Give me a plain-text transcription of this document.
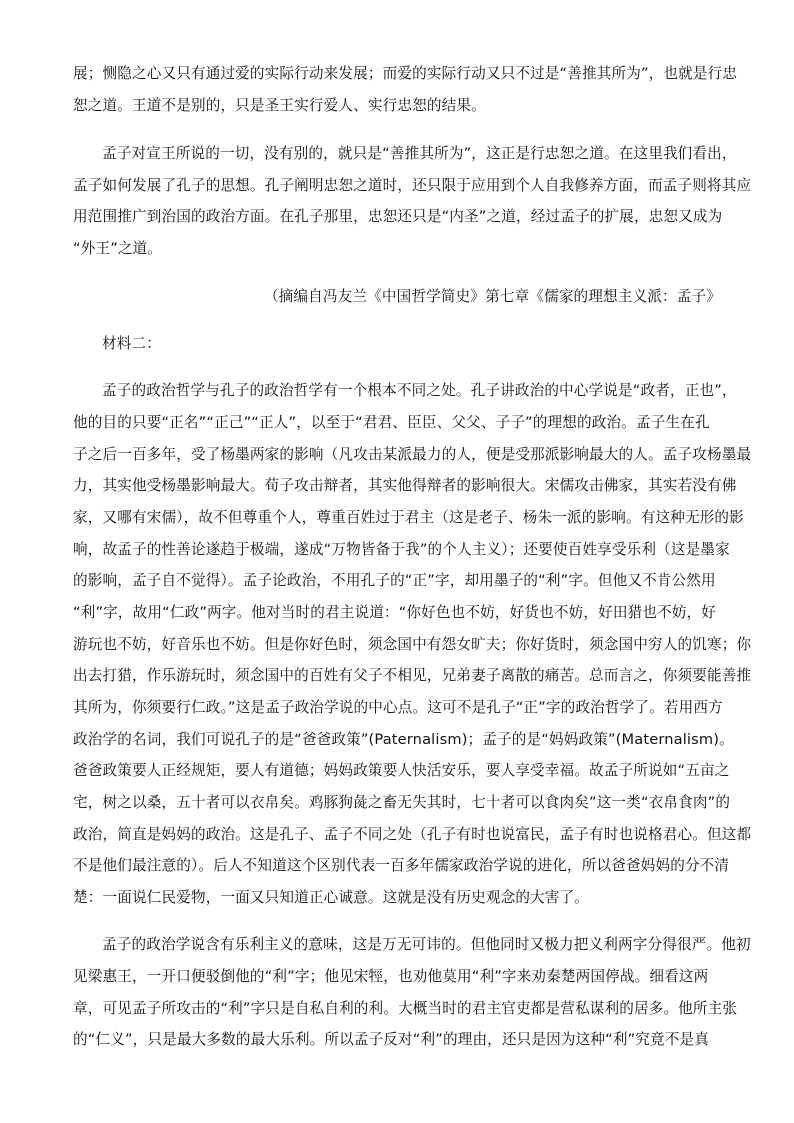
展；恻隐之心又只有通过爱的实际行动来发展；而爱的实际行动又只不过是“善推其所为”，也就是行忠
恕之道。王道不是别的，只是圣王实行爱人、实行忠恕的结果。
孟子对宣王所说的一切，没有别的，就只是“善推其所为”，这正是行忠恕之道。在这里我们看出，
孟子如何发展了孔子的思想。孔子阐明忠恕之道时，还只限于应用到个人自我修养方面，而孟子则将其应
用范围推广到治国的政治方面。在孔子那里，忠恕还只是“内圣”之道，经过孟子的扩展，忠恕又成为
“外王”之道。
（摘编自冯友兰《中国哲学简史》第七章《儒家的理想主义派：孟子》
材料二：
孟子的政治哲学与孔子的政治哲学有一个根本不同之处。孔子讲政治的中心学说是“政者，正也”，
他的目的只要“正名”“正己”“正人”，以至于“君君、臣臣、父父、子子”的理想的政治。孟子生在孔
子之后一百多年，受了杨墨两家的影响（凡攻击某派最力的人，便是受那派影响最大的人。孟子攻杨墨最
力，其实他受杨墨影响最大。荀子攻击辩者，其实他得辩者的影响很大。宋儒攻击佛家，其实若没有佛
家，又哪有宋儒），故不但尊重个人，尊重百姓过于君主（这是老子、杨朱一派的影响。有这种无形的影
响，故孟子的性善论遂趋于极端，遂成“万物皆备于我”的个人主义）；还要使百姓享受乐利（这是墨家
的影响，孟子自不觉得）。孟子论政治，不用孔子的“正”字，却用墨子的“利”字。但他又不肯公然用
“利”字，故用“仁政”两字。他对当时的君主说道：“你好色也不妨，好货也不妨，好田猎也不妨，好
游玩也不妨，好音乐也不妨。但是你好色时，须念国中有怨女旷夫；你好货时，须念国中穷人的饥寒；你
出去打猎，作乐游玩时，须念国中的百姓有父子不相见，兄弟妻子离散的痛苦。总而言之，你须要能善推
其所为，你须要行仁政。”这是孟子政治学说的中心点。这可不是孔子“正”字的政治哲学了。若用西方
政治学的名词，我们可说孔子的是“爸爸政策”(Paternalism)；孟子的是“妈妈政策”(Maternalism)。
爸爸政策要人正经规矩，要人有道德；妈妈政策要人快活安乐，要人享受幸福。故孟子所说如“五亩之
宅，树之以桑，五十者可以衣帛矣。鸡豚狗彘之畜无失其时，七十者可以食肉矣”这一类“衣帛食肉”的
政治，简直是妈妈的政治。这是孔子、孟子不同之处（孔子有时也说富民，孟子有时也说格君心。但这都
不是他们最注意的）。后人不知道这个区别代表一百多年儒家政治学说的进化，所以爸爸妈妈的分不清
楚：一面说仁民爱物，一面又只知道正心诚意。这就是没有历史观念的大害了。
孟子的政治学说含有乐利主义的意味，这是万无可讳的。但他同时又极力把义利两字分得很严。他初
见梁惠王，一开口便驳倒他的“利”字；他见宋牼，也劝他莫用“利”字来劝秦楚两国停战。细看这两
章，可见孟子所攻击的“利”字只是自私自利的利。大概当时的君主官吏都是营私谋利的居多。他所主张
的“仁义”，只是最大多数的最大乐利。所以孟子反对“利”的理由，还只是因为这种“利”究竟不是真
